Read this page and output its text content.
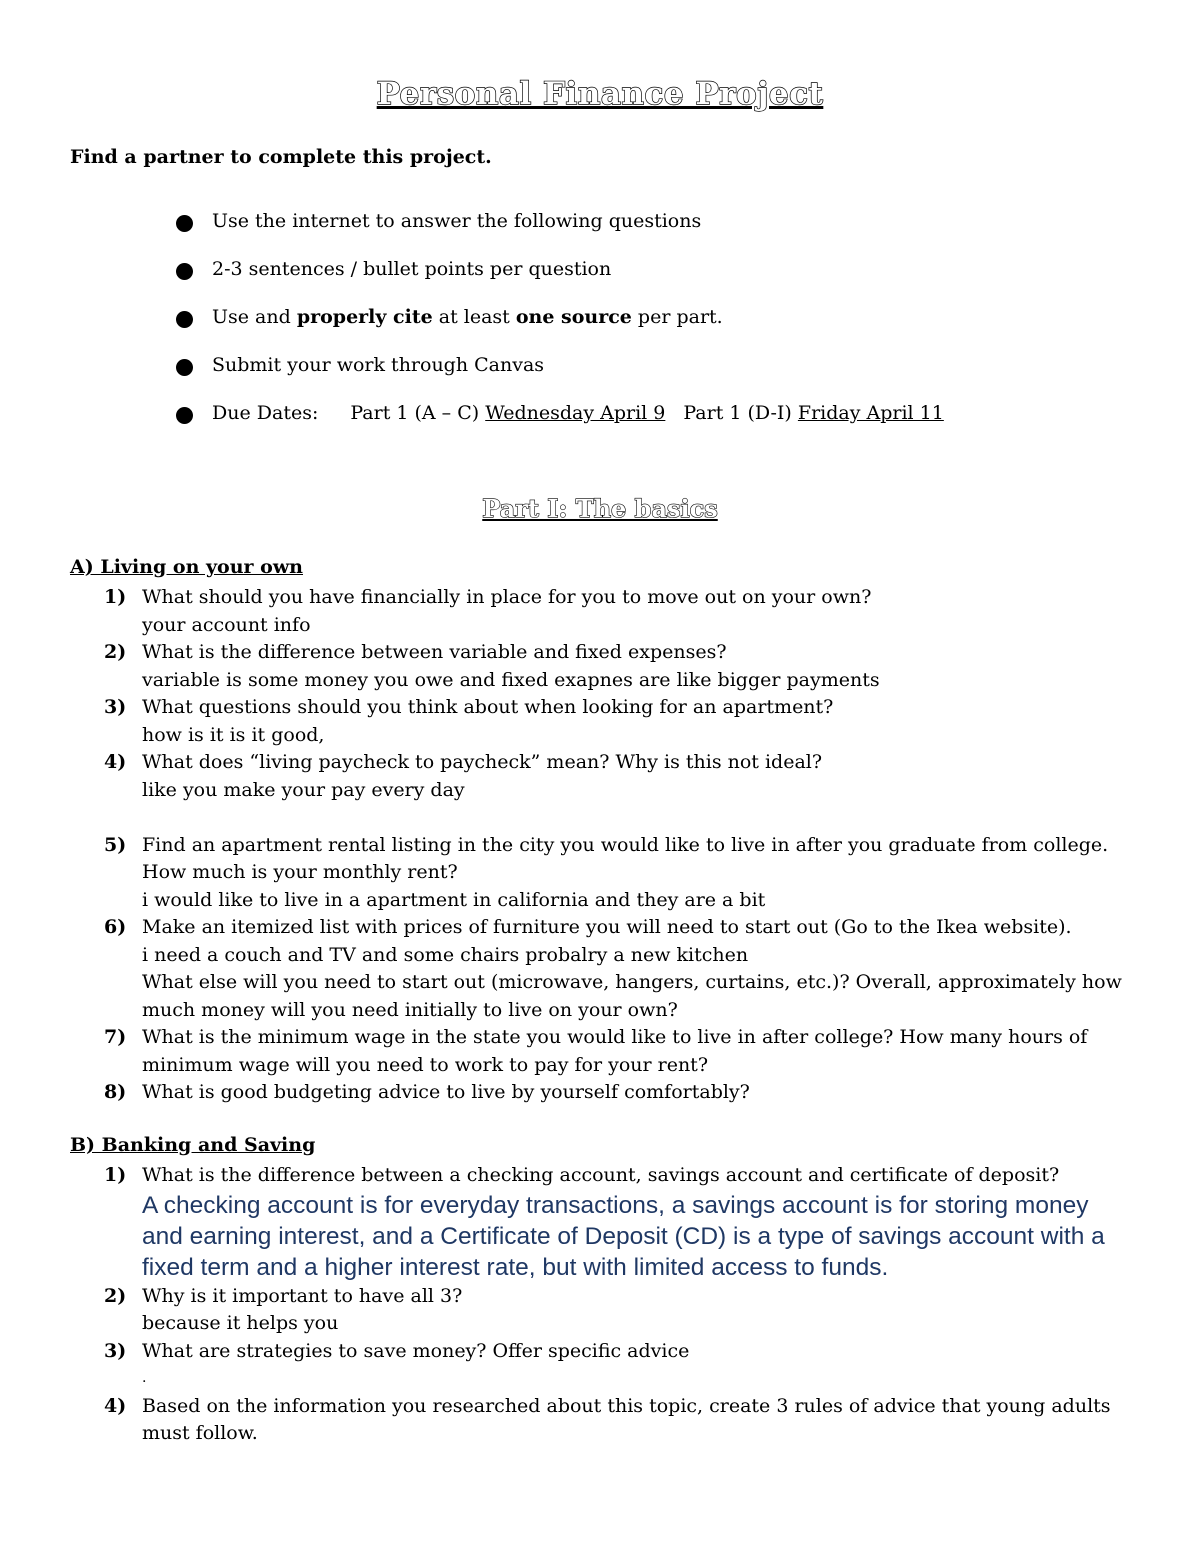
Personal Finance Project
Find a partner to complete this project.
Use the internet to answer the following questions
2-3 sentences / bullet points per question
Use and properly cite at least one source per part.
Submit your work through Canvas
Due Dates: Part 1 (A – C) Wednesday April 9 Part 1 (D-I) Friday April 11
Part I: The basics
A) Living on your own
1) What should you have financially in place for you to move out on your own?
your account info
2) What is the difference between variable and fixed expenses?
variable is some money you owe and fixed exapnes are like bigger payments
3) What questions should you think about when looking for an apartment?
how is it is it good,
4) What does “living paycheck to paycheck” mean? Why is this not ideal?
like you make your pay every day
5) Find an apartment rental listing in the city you would like to live in after you graduate from college. How much is your monthly rent?
i would like to live in a apartment in california and they are a bit
6) Make an itemized list with prices of furniture you will need to start out (Go to the Ikea website).
i need a couch and TV and some chairs probalry a new kitchen
What else will you need to start out (microwave, hangers, curtains, etc.)? Overall, approximately how much money will you need initially to live on your own?
7) What is the minimum wage in the state you would like to live in after college? How many hours of minimum wage will you need to work to pay for your rent?
8) What is good budgeting advice to live by yourself comfortably?
B) Banking and Saving
1) What is the difference between a checking account, savings account and certificate of deposit?
A checking account is for everyday transactions, a savings account is for storing money and earning interest, and a Certificate of Deposit (CD) is a type of savings account with a fixed term and a higher interest rate, but with limited access to funds.
2) Why is it important to have all 3?
because it helps you
3) What are strategies to save money? Offer specific advice
.
4) Based on the information you researched about this topic, create 3 rules of advice that young adults must follow.
